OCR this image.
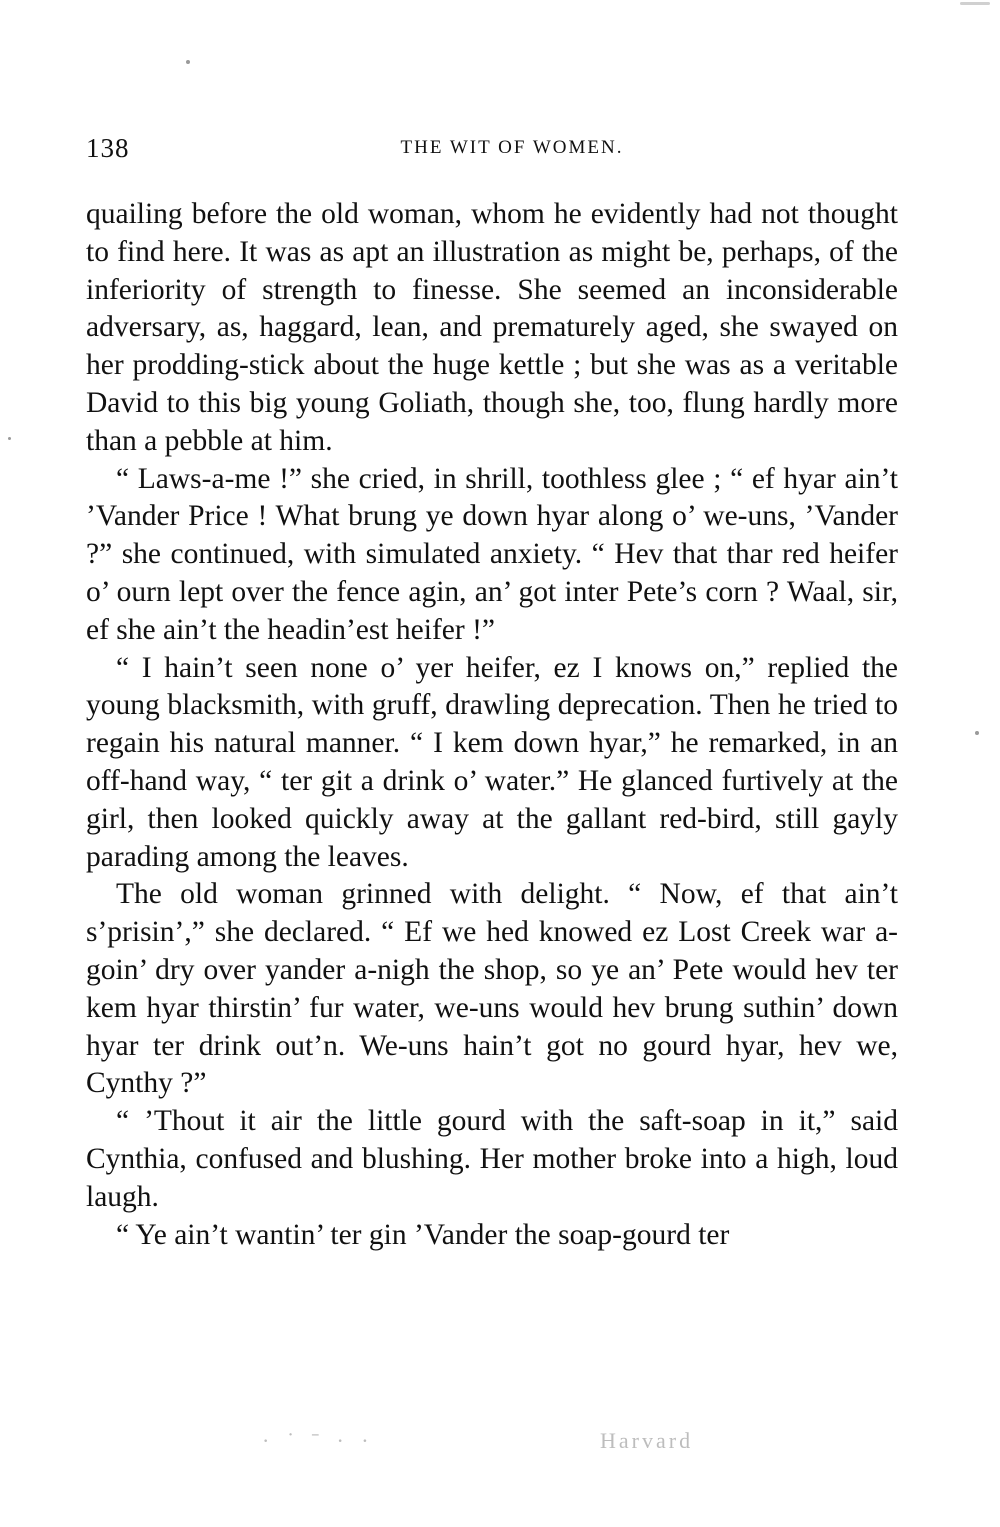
138	THE WIT OF WOMEN.

quailing before the old woman, whom he evidently had not thought to find here. It was as apt an illustration as might be, perhaps, of the inferiority of strength to finesse. She seemed an inconsiderable adversary, as, haggard, lean, and prematurely aged, she swayed on her prodding-stick about the huge kettle ; but she was as a veritable David to this big young Goliath, though she, too, flung hardly more than a pebble at him.

“ Laws-a-me !” she cried, in shrill, toothless glee ; “ ef hyar ain’t ’Vander Price ! What brung ye down hyar along o’ we-uns, ’Vander ?” she continued, with simulated anxiety. “ Hev that thar red heifer o’ ourn lept over the fence agin, an’ got inter Pete’s corn ? Waal, sir, ef she ain’t the headin’est heifer !”

“ I hain’t seen none o’ yer heifer, ez I knows on,” replied the young blacksmith, with gruff, drawling deprecation. Then he tried to regain his natural manner. “ I kem down hyar,” he remarked, in an off-hand way, “ ter git a drink o’ water.” He glanced furtively at the girl, then looked quickly away at the gallant red-bird, still gayly parading among the leaves.

The old woman grinned with delight. “ Now, ef that ain’t s’prisin’,” she declared. “ Ef we hed knowed ez Lost Creek war a-goin’ dry over yander a-nigh the shop, so ye an’ Pete would hev ter kem hyar thirstin’ fur water, we-uns would hev brung suthin’ down hyar ter drink out’n. We-uns hain’t got no gourd hyar, hev we, Cynthy ?”

“ ’Thout it air the little gourd with the saft-soap in it,” said Cynthia, confused and blushing. Her mother broke into a high, loud laugh.

“ Ye ain’t wantin’ ter gin ’Vander the soap-gourd ter

Harvard
· ˙ ˉ · ·
